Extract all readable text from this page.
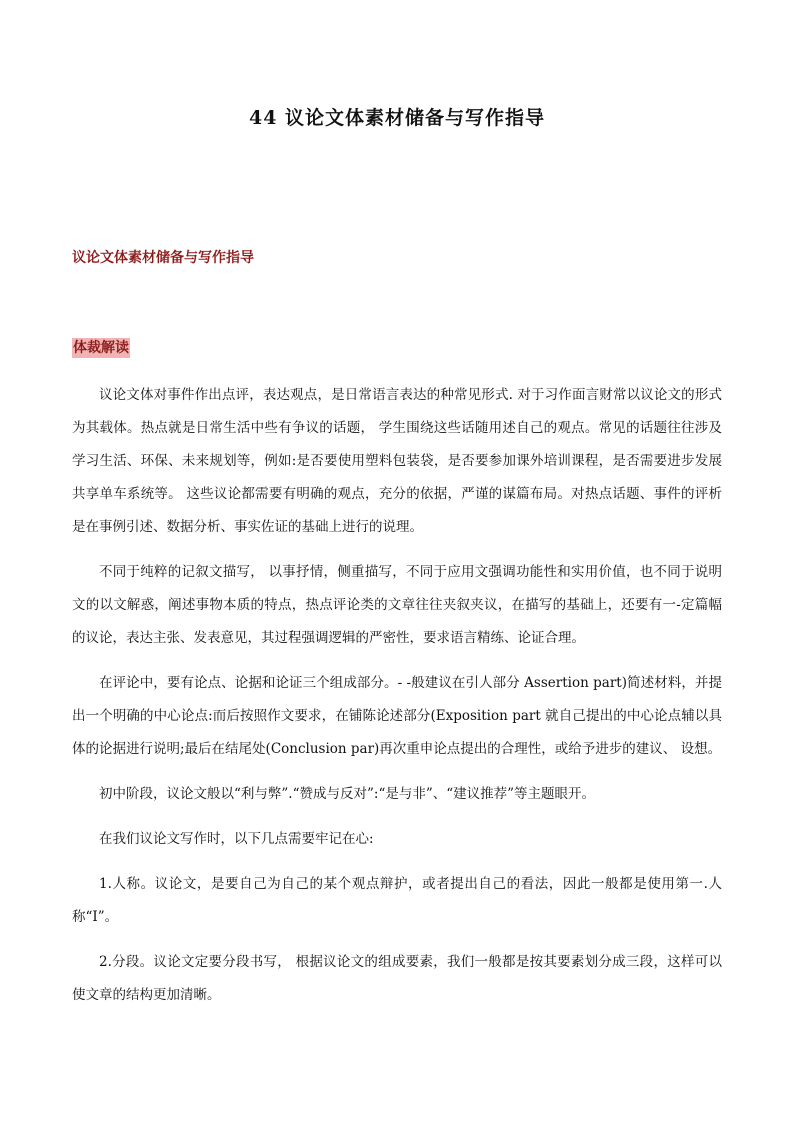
44 议论文体素材储备与写作指导
议论文体素材储备与写作指导
体裁解读

议论文体对事件作出点评，表达观点，是日常语言表达的种常见形式. 对于习作面言财常以议论文的形式为其载体。热点就是日常生活中些有争议的话题， 学生围绕这些话随用述自己的观点。常见的话题往往涉及学习生活、环保、未来规划等，例如:是否要使用塑料包装袋，是否要参加课外培训课程，是否需要进步发展共享单车系统等。 这些议论都需要有明确的观点，充分的依据，严谨的谋篇布局。对热点话题、事件的评析是在事例引述、数据分析、事实佐证的基础上进行的说理。

不同于纯粹的记叙文描写， 以事抒情，侧重描写，不同于应用文强调功能性和实用价值，也不同于说明文的以文解惑，阐述事物本质的特点，热点评论类的文章往往夹叙夹议，在描写的基础上，还要有一-定篇幅的议论，表达主张、发表意见，其过程强调逻辑的严密性，要求语言精练、论证合理。

在评论中，要有论点、论据和论证三个组成部分。- -般建议在引人部分 Assertion part)简述材料，并提出一个明确的中心论点:而后按照作文要求，在铺陈论述部分(Exposition part 就自己提出的中心论点辅以具体的论据进行说明;最后在结尾处(Conclusion par)再次重申论点提出的合理性，或给予进步的建议、 设想。

初中阶段，议论文般以“利与弊”.“赞成与反对”:“是与非”、“建议推荐”等主题眼开。

在我们议论文写作时，以下几点需要牢记在心:

1.人称。议论文，是要自己为自己的某个观点辩护，或者提出自己的看法，因此一般都是使用第一.人称“I”。

2.分段。议论文定要分段书写， 根据议论文的组成要素，我们一般都是按其要素划分成三段，这样可以使文章的结构更加清晰。
